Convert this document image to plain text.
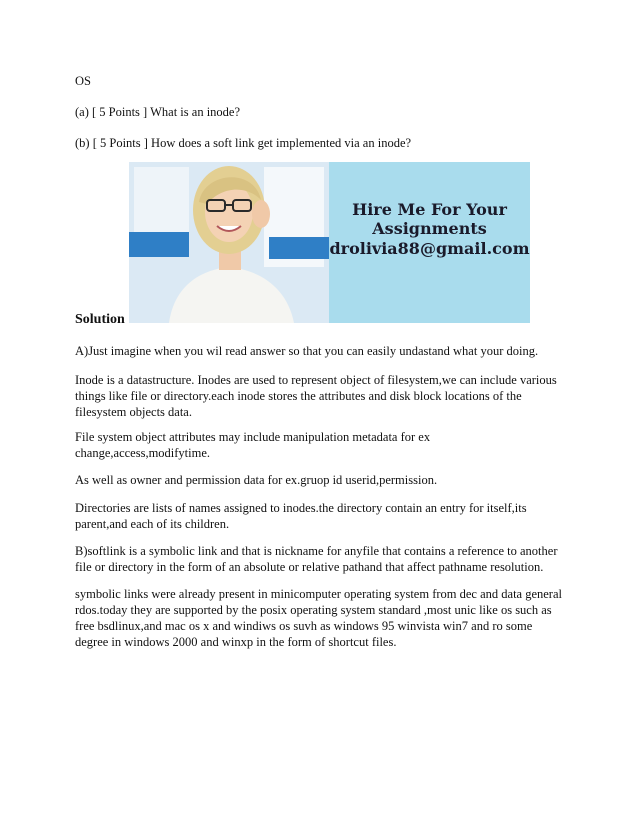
OS
(a) [ 5 Points ] What is an inode?
(b) [ 5 Points ] How does a soft link get implemented via an inode?
Hire Me For Your
Assignments
drolivia88@gmail.com
Solution
A)Just imagine when you wil read answer so that you can easily undastand what your doing.
Inode is a datastructure. Inodes are used to represent object of filesystem,we can include various
things like file or directory.each inode stores the attributes and disk block locations of the
filesystem objects data.
File system object attributes may include manipulation metadata for ex
change,access,modifytime.
As well as owner and permission data for ex.gruop id userid,permission.
Directories are lists of names assigned to inodes.the directory contain an entry for itself,its
parent,and each of its children.
B)softlink is a symbolic link and that is nickname for anyfile that contains a reference to another
file or directory in the form of an absolute or relative pathand that affect pathname resolution.
symbolic links were already present in minicomputer operating system from dec and data general
rdos.today they are supported by the posix operating system standard ,most unic like os such as
free bsdlinux,and mac os x and windiws os suvh as windows 95 winvista win7 and ro some
degree in windows 2000 and winxp in the form of shortcut files.
